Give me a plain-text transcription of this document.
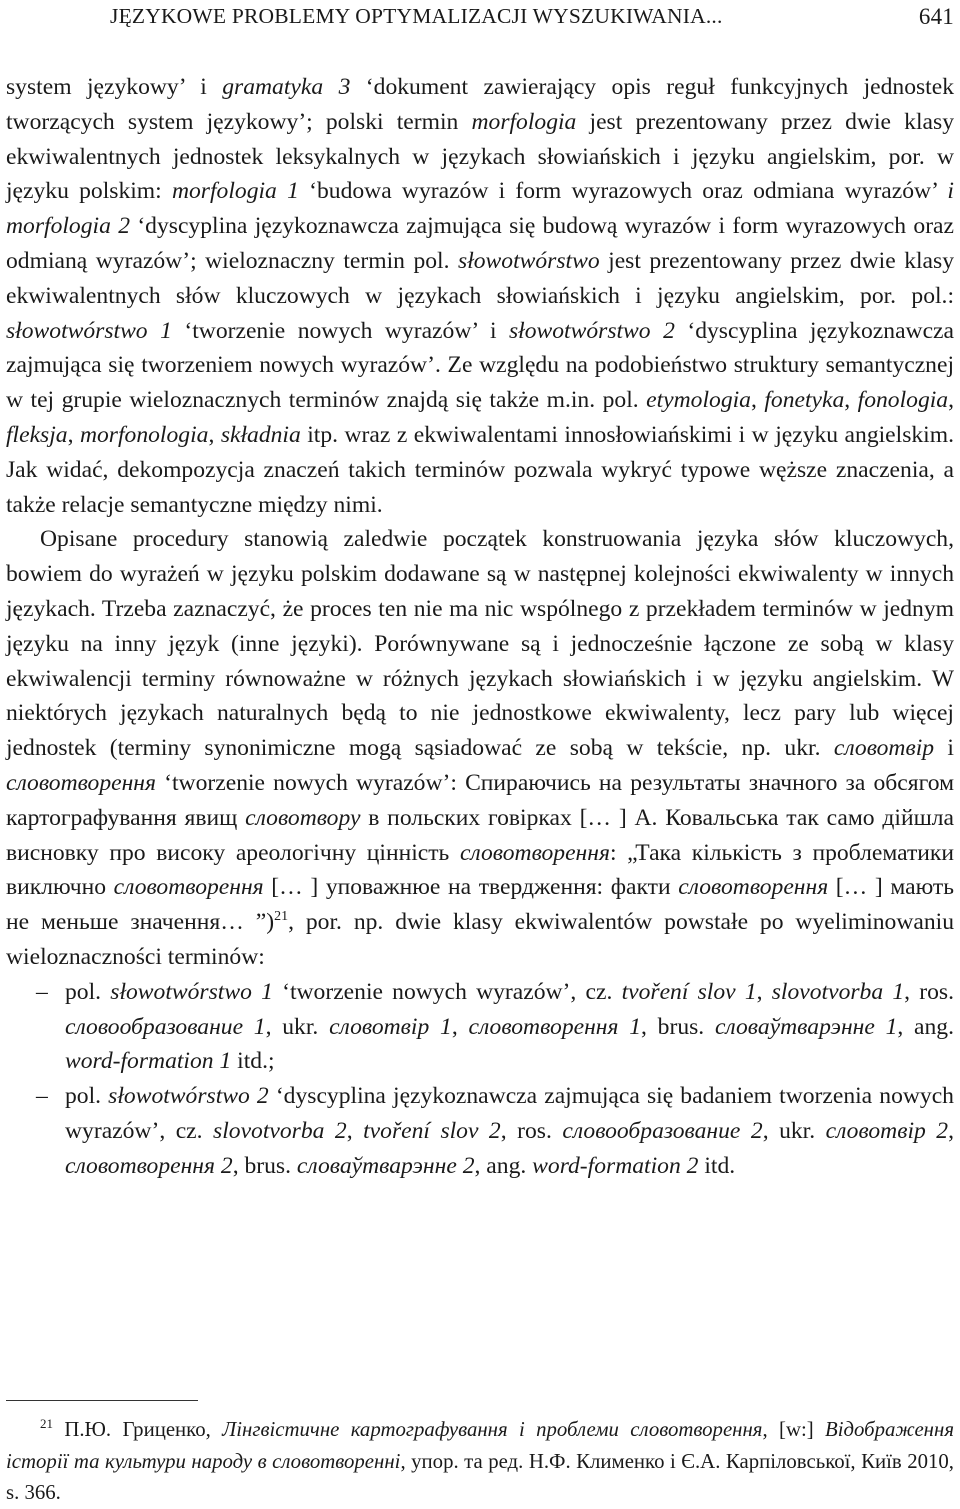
JĘZYKOWE PROBLEMY OPTYMALIZACJI WYSZUKIWANIA...	641

system językowy’ i gramatyka 3 ‘dokument zawierający opis reguł funkcyjnych jednostek tworzących system językowy’; polski termin morfologia jest prezentowany przez dwie klasy ekwiwalentnych jednostek leksykalnych w językach słowiańskich i języku angielskim, por. w języku polskim: morfologia 1 ‘budowa wyrazów i form wyrazowych oraz odmiana wyrazów’ i morfologia 2 ‘dyscyplina językoznawcza zajmująca się budową wyrazów i form wyrazowych oraz odmianą wyrazów’; wieloznaczny termin pol. słowotwórstwo jest prezentowany przez dwie klasy ekwiwalentnych słów kluczowych w językach słowiańskich i języku angielskim, por. pol.: słowotwórstwo 1 ‘tworzenie nowych wyrazów’ i słowotwórstwo 2 ‘dyscyplina językoznawcza zajmująca się tworzeniem nowych wyrazów’. Ze względu na podobieństwo struktury semantycznej w tej grupie wieloznacznych terminów znajdą się także m.in. pol. etymologia, fonetyka, fonologia, fleksja, morfonologia, składnia itp. wraz z ekwiwalentami innosłowiańskimi i w języku angielskim. Jak widać, dekompozycja znaczeń takich terminów pozwala wykryć typowe węższe znaczenia, a także relacje semantyczne między nimi.

Opisane procedury stanowią zaledwie początek konstruowania języka słów kluczowych, bowiem do wyrażeń w języku polskim dodawane są w następnej kolejności ekwiwalenty w innych językach. Trzeba zaznaczyć, że proces ten nie ma nic wspólnego z przekładem terminów w jednym języku na inny język (inne języki). Porównywane są i jednocześnie łączone ze sobą w klasy ekwiwalencji terminy równoważne w różnych językach słowiańskich i w języku angielskim. W niektórych językach naturalnych będą to nie jednostkowe ekwiwalenty, lecz pary lub więcej jednostek (terminy synonimiczne mogą sąsiadować ze sobą w tekście, np. ukr. словотвір і словотворення ‘tworzenie nowych wyrazów’: Спираючись на результаты значного за обсягом картографування явищ словотвору в польских говірках [… ] А. Ковальська так само дійшла висновку про високу ареологічну цінність словотворення: „Така кількість з проблематики виключно словотворення [… ] уповажнюе на твердження: факти словотворення [… ] мають не меньше значення… ”)$^{21}$, por. np. dwie klasy ekwiwalentów powstałe po wyeliminowaniu wieloznaczności terminów:

– pol. słowotwórstwo 1 ‘tworzenie nowych wyrazów’, cz. tvoření slov 1, slovotvorba 1, ros. словообразование 1, ukr. словотвір 1, словотворення 1, brus. словаўтварэнне 1, ang. word-formation 1 itd.;
– pol. słowotwórstwo 2 ‘dyscyplina językoznawcza zajmująca się badaniem tworzenia nowych wyrazów’, cz. slovotvorba 2, tvoření slov 2, ros. словообразование 2, ukr. словотвір 2, словотворення 2, brus. словаўтварэнне 2, ang. word-formation 2 itd.

$^{21}$ П.Ю. Гриценко, Лінгвістичне картографування і проблеми словотворення, [w:] Відображення історії та культури народу в словотворенні, упор. та ред. Н.Ф. Клименко і Є.А. Карпіловської, Київ 2010, s. 366.
